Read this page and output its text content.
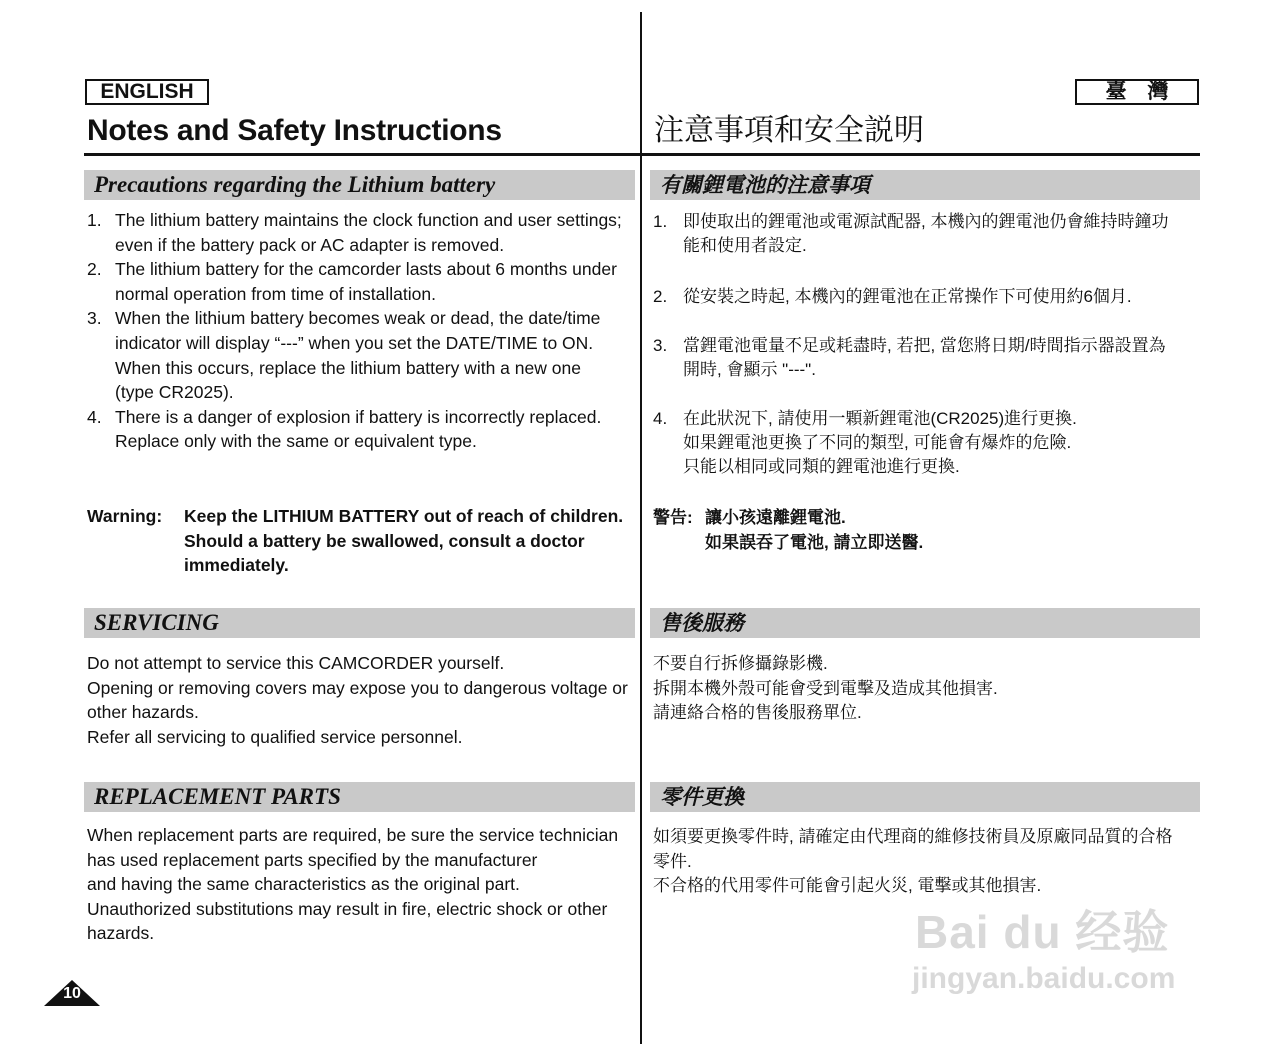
ENGLISH	臺　灣
Notes and Safety Instructions	注意事項和安全説明
Precautions regarding the Lithium battery
1. The lithium battery maintains the clock function and user settings;
even if the battery pack or AC adapter is removed.
2. The lithium battery for the camcorder lasts about 6 months under
normal operation from time of installation.
3. When the lithium battery becomes weak or dead, the date/time
indicator will display “---” when you set the DATE/TIME to ON.
When this occurs, replace the lithium battery with a new one
(type CR2025).
4. There is a danger of explosion if battery is incorrectly replaced.
Replace only with the same or equivalent type.
Warning: Keep the LITHIUM BATTERY out of reach of children.
Should a battery be swallowed, consult a doctor
immediately.
SERVICING
Do not attempt to service this CAMCORDER yourself.
Opening or removing covers may expose you to dangerous voltage or
other hazards.
Refer all servicing to qualified service personnel.
REPLACEMENT PARTS
When replacement parts are required, be sure the service technician
has used replacement parts specified by the manufacturer
and having the same characteristics as the original part.
Unauthorized substitutions may result in fire, electric shock or other
hazards.
有關鋰電池的注意事項
1. 即使取出的鋰電池或電源試配器, 本機內的鋰電池仍會維持時鐘功
能和使用者設定.
2. 從安裝之時起, 本機內的鋰電池在正常操作下可使用約6個月.
3. 當鋰電池電量不足或耗盡時, 若把, 當您將日期/時間指示器設置為
開時, 會顯示 "---".
4. 在此狀況下, 請使用一顆新鋰電池(CR2025)進行更換.
如果鋰電池更換了不同的類型, 可能會有爆炸的危險.
只能以相同或同類的鋰電池進行更換.
警告: 讓小孩遠離鋰電池.
如果誤吞了電池, 請立即送醫.
售後服務
不要自行拆修攝錄影機.
拆開本機外殼可能會受到電擊及造成其他損害.
請連絡合格的售後服務單位.
零件更換
如須要更換零件時, 請確定由代理商的維修技術員及原廠同品質的合格
零件.
不合格的代用零件可能會引起火災, 電擊或其他損害.
10
Bai du 经验
jingyan.baidu.com
